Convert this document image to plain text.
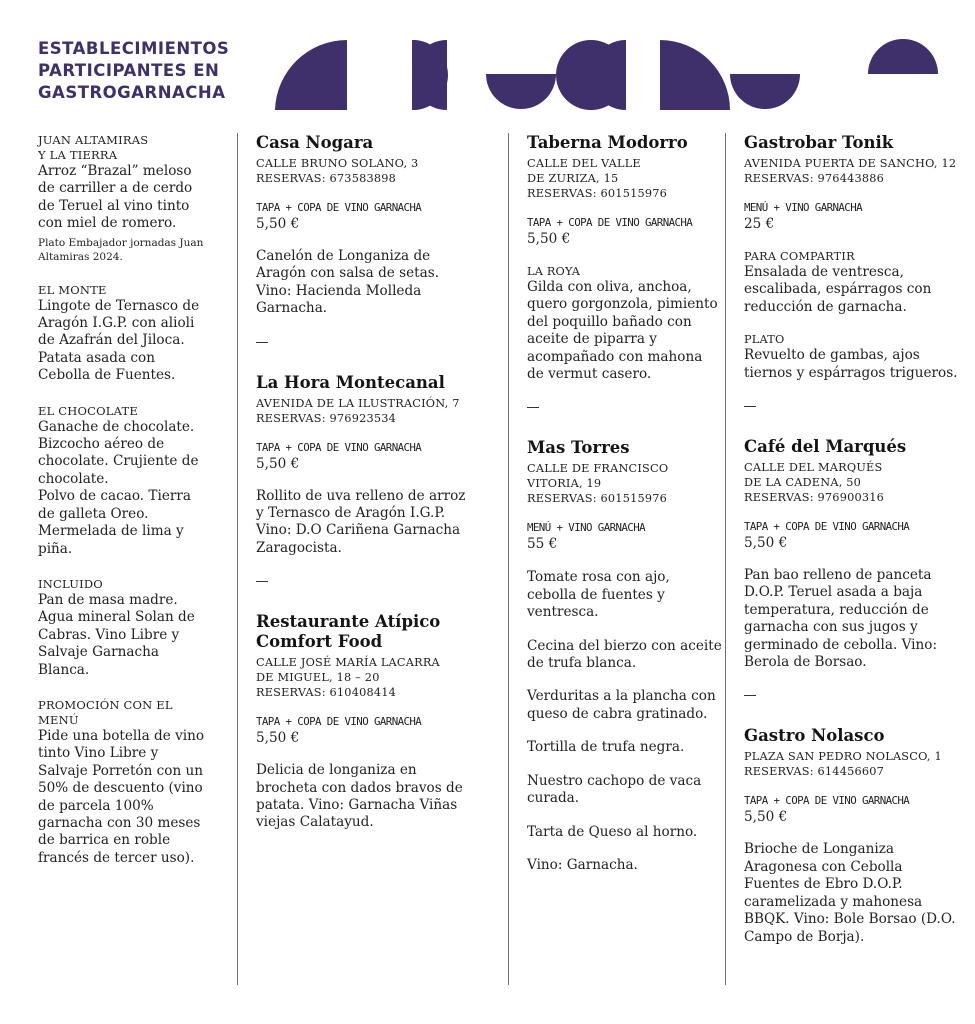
ESTABLECIMIENTOS
PARTICIPANTES EN
GASTROGARNACHA
JUAN ALTAMIRAS
Y LA TIERRA
Arroz “Brazal” meloso de carriller a de cerdo de Teruel al vino tinto con miel de romero.
Plato Embajador jornadas Juan Altamiras 2024.
EL MONTE
Lingote de Ternasco de Aragón I.G.P. con alioli de Azafrán del Jiloca. Patata asada con Cebolla de Fuentes.
EL CHOCOLATE
Ganache de chocolate. Bizcocho aéreo de chocolate. Crujiente de chocolate.
Polvo de cacao. Tierra de galleta Oreo. Mermelada de lima y piña.
INCLUIDO
Pan de masa madre. Agua mineral Solan de Cabras. Vino Libre y Salvaje Garnacha Blanca.
PROMOCIÓN CON EL MENÚ
Pide una botella de vino tinto Vino Libre y Salvaje Porretón con un 50% de descuento (vino de parcela 100% garnacha con 30 meses de barrica en roble francés de tercer uso).
Casa Nogara
CALLE BRUNO SOLANO, 3
RESERVAS: 673583898
TAPA + COPA DE VINO GARNACHA
5,50 €
Canelón de Longaniza de Aragón con salsa de setas. Vino: Hacienda Molleda Garnacha.
La Hora Montecanal
AVENIDA DE LA ILUSTRACIÓN, 7
RESERVAS: 976923534
TAPA + COPA DE VINO GARNACHA
5,50 €
Rollito de uva relleno de arroz y Ternasco de Aragón I.G.P. Vino: D.O Cariñena Garnacha Zaragocista.
Restaurante Atípico Comfort Food
CALLE JOSÉ MARÍA LACARRA
DE MIGUEL, 18 – 20
RESERVAS: 610408414
TAPA + COPA DE VINO GARNACHA
5,50 €
Delicia de longaniza en brocheta con dados bravos de patata. Vino: Garnacha Viñas viejas Calatayud.
Taberna Modorro
CALLE DEL VALLE
DE ZURIZA, 15
RESERVAS: 601515976
TAPA + COPA DE VINO GARNACHA
5,50 €
LA ROYA
Gilda con oliva, anchoa, quero gorgonzola, pimiento del poquillo bañado con aceite de piparra y acompañado con mahona de vermut casero.
Mas Torres
CALLE DE FRANCISCO
VITORIA, 19
RESERVAS: 601515976
MENÚ + VINO GARNACHA
55 €
Tomate rosa con ajo, cebolla de fuentes y ventresca.
Cecina del bierzo con aceite de trufa blanca.
Verduritas a la plancha con queso de cabra gratinado.
Tortilla de trufa negra.
Nuestro cachopo de vaca curada.
Tarta de Queso al horno.
Vino: Garnacha.
Gastrobar Tonik
AVENIDA PUERTA DE SANCHO, 12
RESERVAS: 976443886
MENÚ + VINO GARNACHA
25 €
PARA COMPARTIR
Ensalada de ventresca, escalibada, espárragos con reducción de garnacha.
PLATO
Revuelto de gambas, ajos tiernos y espárragos trigueros.
Café del Marqués
CALLE DEL MARQUÉS
DE LA CADENA, 50
RESERVAS: 976900316
TAPA + COPA DE VINO GARNACHA
5,50 €
Pan bao relleno de panceta D.O.P. Teruel asada a baja temperatura, reducción de garnacha con sus jugos y germinado de cebolla. Vino: Berola de Borsao.
Gastro Nolasco
PLAZA SAN PEDRO NOLASCO, 1
RESERVAS: 614456607
TAPA + COPA DE VINO GARNACHA
5,50 €
Brioche de Longaniza Aragonesa con Cebolla Fuentes de Ebro D.O.P. caramelizada y mahonesa BBQK. Vino: Bole Borsao (D.O. Campo de Borja).
